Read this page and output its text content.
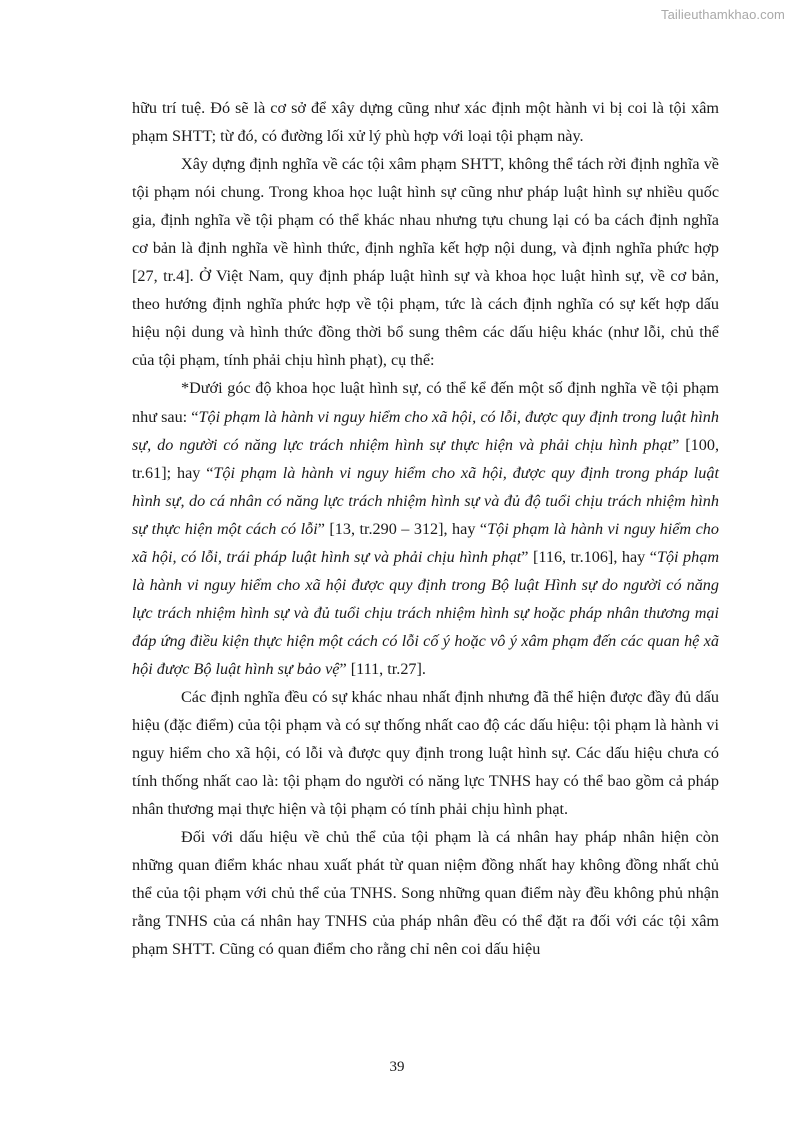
Tailieuthamkhao.com

hữu trí tuệ. Đó sẽ là cơ sở để xây dựng cũng như xác định một hành vi bị coi là tội xâm phạm SHTT; từ đó, có đường lối xử lý phù hợp với loại tội phạm này.

Xây dựng định nghĩa về các tội xâm phạm SHTT, không thể tách rời định nghĩa về tội phạm nói chung. Trong khoa học luật hình sự cũng như pháp luật hình sự nhiều quốc gia, định nghĩa về tội phạm có thể khác nhau nhưng tựu chung lại có ba cách định nghĩa cơ bản là định nghĩa về hình thức, định nghĩa kết hợp nội dung, và định nghĩa phức hợp [27, tr.4]. Ở Việt Nam, quy định pháp luật hình sự và khoa học luật hình sự, về cơ bản, theo hướng định nghĩa phức hợp về tội phạm, tức là cách định nghĩa có sự kết hợp dấu hiệu nội dung và hình thức đồng thời bổ sung thêm các dấu hiệu khác (như lỗi, chủ thể của tội phạm, tính phải chịu hình phạt), cụ thể:

*Dưới góc độ khoa học luật hình sự, có thể kể đến một số định nghĩa về tội phạm như sau: “Tội phạm là hành vi nguy hiểm cho xã hội, có lỗi, được quy định trong luật hình sự, do người có năng lực trách nhiệm hình sự thực hiện và phải chịu hình phạt” [100, tr.61]; hay “Tội phạm là hành vi nguy hiểm cho xã hội, được quy định trong pháp luật hình sự, do cá nhân có năng lực trách nhiệm hình sự và đủ độ tuổi chịu trách nhiệm hình sự thực hiện một cách có lỗi” [13, tr.290 – 312], hay “Tội phạm là hành vi nguy hiểm cho xã hội, có lỗi, trái pháp luật hình sự và phải chịu hình phạt” [116, tr.106], hay “Tội phạm là hành vi nguy hiểm cho xã hội được quy định trong Bộ luật Hình sự do người có năng lực trách nhiệm hình sự và đủ tuổi chịu trách nhiệm hình sự hoặc pháp nhân thương mại đáp ứng điều kiện thực hiện một cách có lỗi cố ý hoặc vô ý xâm phạm đến các quan hệ xã hội được Bộ luật hình sự bảo vệ” [111, tr.27].

Các định nghĩa đều có sự khác nhau nhất định nhưng đã thể hiện được đầy đủ dấu hiệu (đặc điểm) của tội phạm và có sự thống nhất cao độ các dấu hiệu: tội phạm là hành vi nguy hiểm cho xã hội, có lỗi và được quy định trong luật hình sự. Các dấu hiệu chưa có tính thống nhất cao là: tội phạm do người có năng lực TNHS hay có thể bao gồm cả pháp nhân thương mại thực hiện và tội phạm có tính phải chịu hình phạt.

Đối với dấu hiệu về chủ thể của tội phạm là cá nhân hay pháp nhân hiện còn những quan điểm khác nhau xuất phát từ quan niệm đồng nhất hay không đồng nhất chủ thể của tội phạm với chủ thể của TNHS. Song những quan điểm này đều không phủ nhận rằng TNHS của cá nhân hay TNHS của pháp nhân đều có thể đặt ra đối với các tội xâm phạm SHTT. Cũng có quan điểm cho rằng chỉ nên coi dấu hiệu

39
